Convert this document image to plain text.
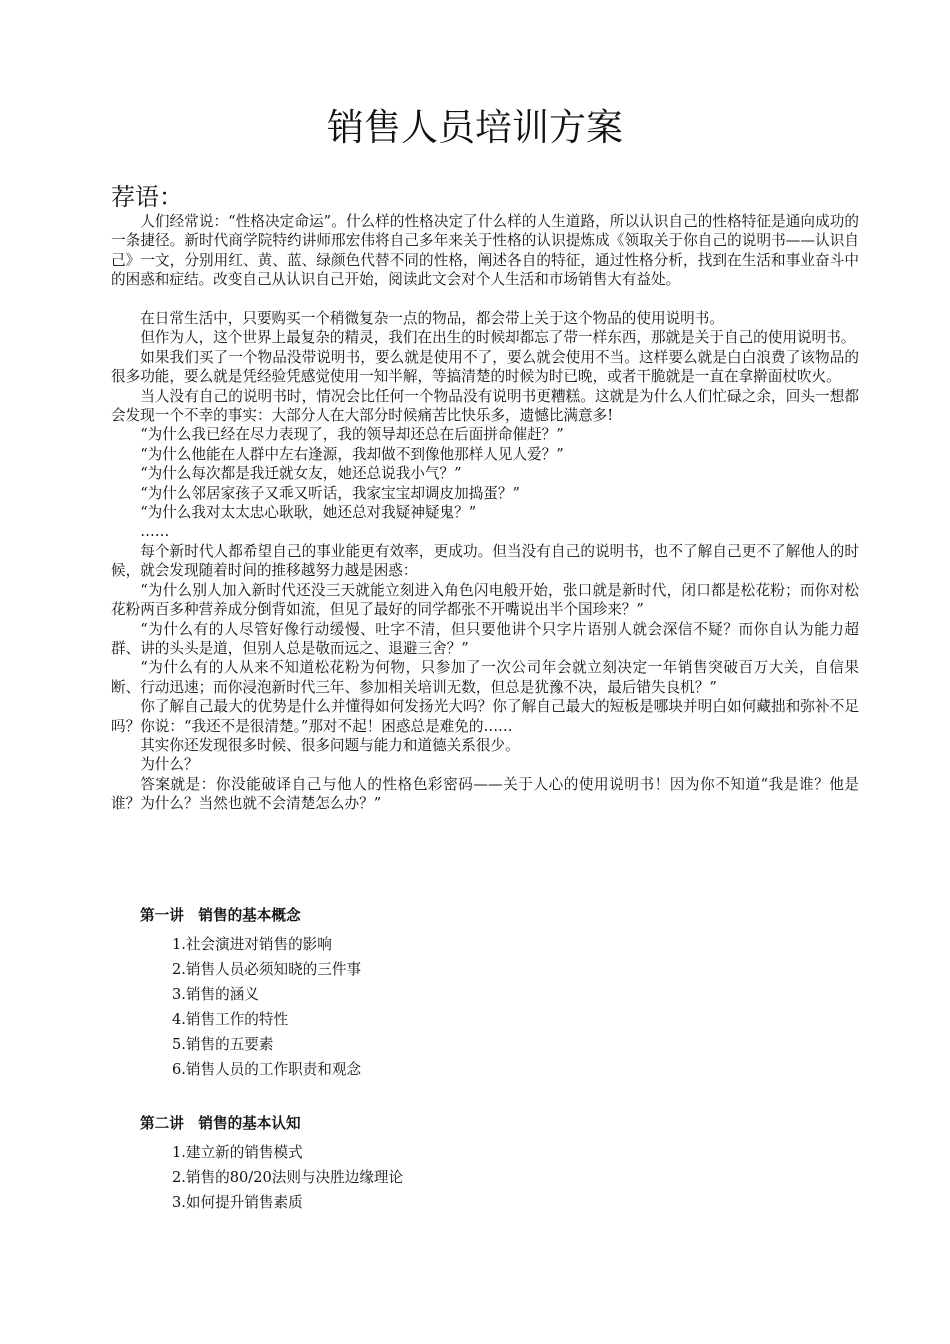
销售人员培训方案
荐语：

人们经常说：“性格决定命运”。什么样的性格决定了什么样的人生道路，所以认识自己的性格特征是通向成功的一条捷径。新时代商学院特约讲师邢宏伟将自己多年来关于性格的认识提炼成《领取关于你自己的说明书——认识自己》一文，分别用红、黄、蓝、绿颜色代替不同的性格，阐述各自的特征，通过性格分析，找到在生活和事业奋斗中的困惑和症结。改变自己从认识自己开始，阅读此文会对个人生活和市场销售大有益处。

在日常生活中，只要购买一个稍微复杂一点的物品，都会带上关于这个物品的使用说明书。

但作为人，这个世界上最复杂的精灵，我们在出生的时候却都忘了带一样东西，那就是关于自己的使用说明书。

如果我们买了一个物品没带说明书，要么就是使用不了，要么就会使用不当。这样要么就是白白浪费了该物品的很多功能，要么就是凭经验凭感觉使用一知半解，等搞清楚的时候为时已晚，或者干脆就是一直在拿擀面杖吹火。

当人没有自己的说明书时，情况会比任何一个物品没有说明书更糟糕。这就是为什么人们忙碌之余，回头一想都会发现一个不幸的事实：大部分人在大部分时候痛苦比快乐多，遗憾比满意多!

“为什么我已经在尽力表现了，我的领导却还总在后面拼命催赶？”

“为什么他能在人群中左右逢源，我却做不到像他那样人见人爱？”

“为什么每次都是我迁就女友，她还总说我小气？”

“为什么邻居家孩子又乖又听话，我家宝宝却调皮加捣蛋？”

“为什么我对太太忠心耿耿，她还总对我疑神疑鬼？”

……

每个新时代人都希望自己的事业能更有效率，更成功。但当没有自己的说明书，也不了解自己更不了解他人的时候，就会发现随着时间的推移越努力越是困惑：

“为什么别人加入新时代还没三天就能立刻进入角色闪电般开始，张口就是新时代，闭口都是松花粉；而你对松花粉两百多种营养成分倒背如流，但见了最好的同学都张不开嘴说出半个国珍来？”

“为什么有的人尽管好像行动缓慢、吐字不清，但只要他讲个只字片语别人就会深信不疑？而你自认为能力超群、讲的头头是道，但别人总是敬而远之、退避三舍？”

“为什么有的人从来不知道松花粉为何物，只参加了一次公司年会就立刻决定一年销售突破百万大关，自信果断、行动迅速；而你浸泡新时代三年、参加相关培训无数，但总是犹豫不决，最后错失良机？”

你了解自己最大的优势是什么并懂得如何发扬光大吗？你了解自己最大的短板是哪块并明白如何藏拙和弥补不足吗？你说：“我还不是很清楚。”那对不起！困惑总是难免的……

其实你还发现很多时候、很多问题与能力和道德关系很少。

为什么？

答案就是：你没能破译自己与他人的性格色彩密码——关于人心的使用说明书！因为你不知道“我是谁？他是谁？为什么？当然也就不会清楚怎么办？”

第一讲　销售的基本概念
1.社会演进对销售的影响
2.销售人员必须知晓的三件事
3.销售的涵义
4.销售工作的特性
5.销售的五要素
6.销售人员的工作职责和观念
第二讲　销售的基本认知
1.建立新的销售模式
2.销售的80/20法则与决胜边缘理论
3.如何提升销售素质
